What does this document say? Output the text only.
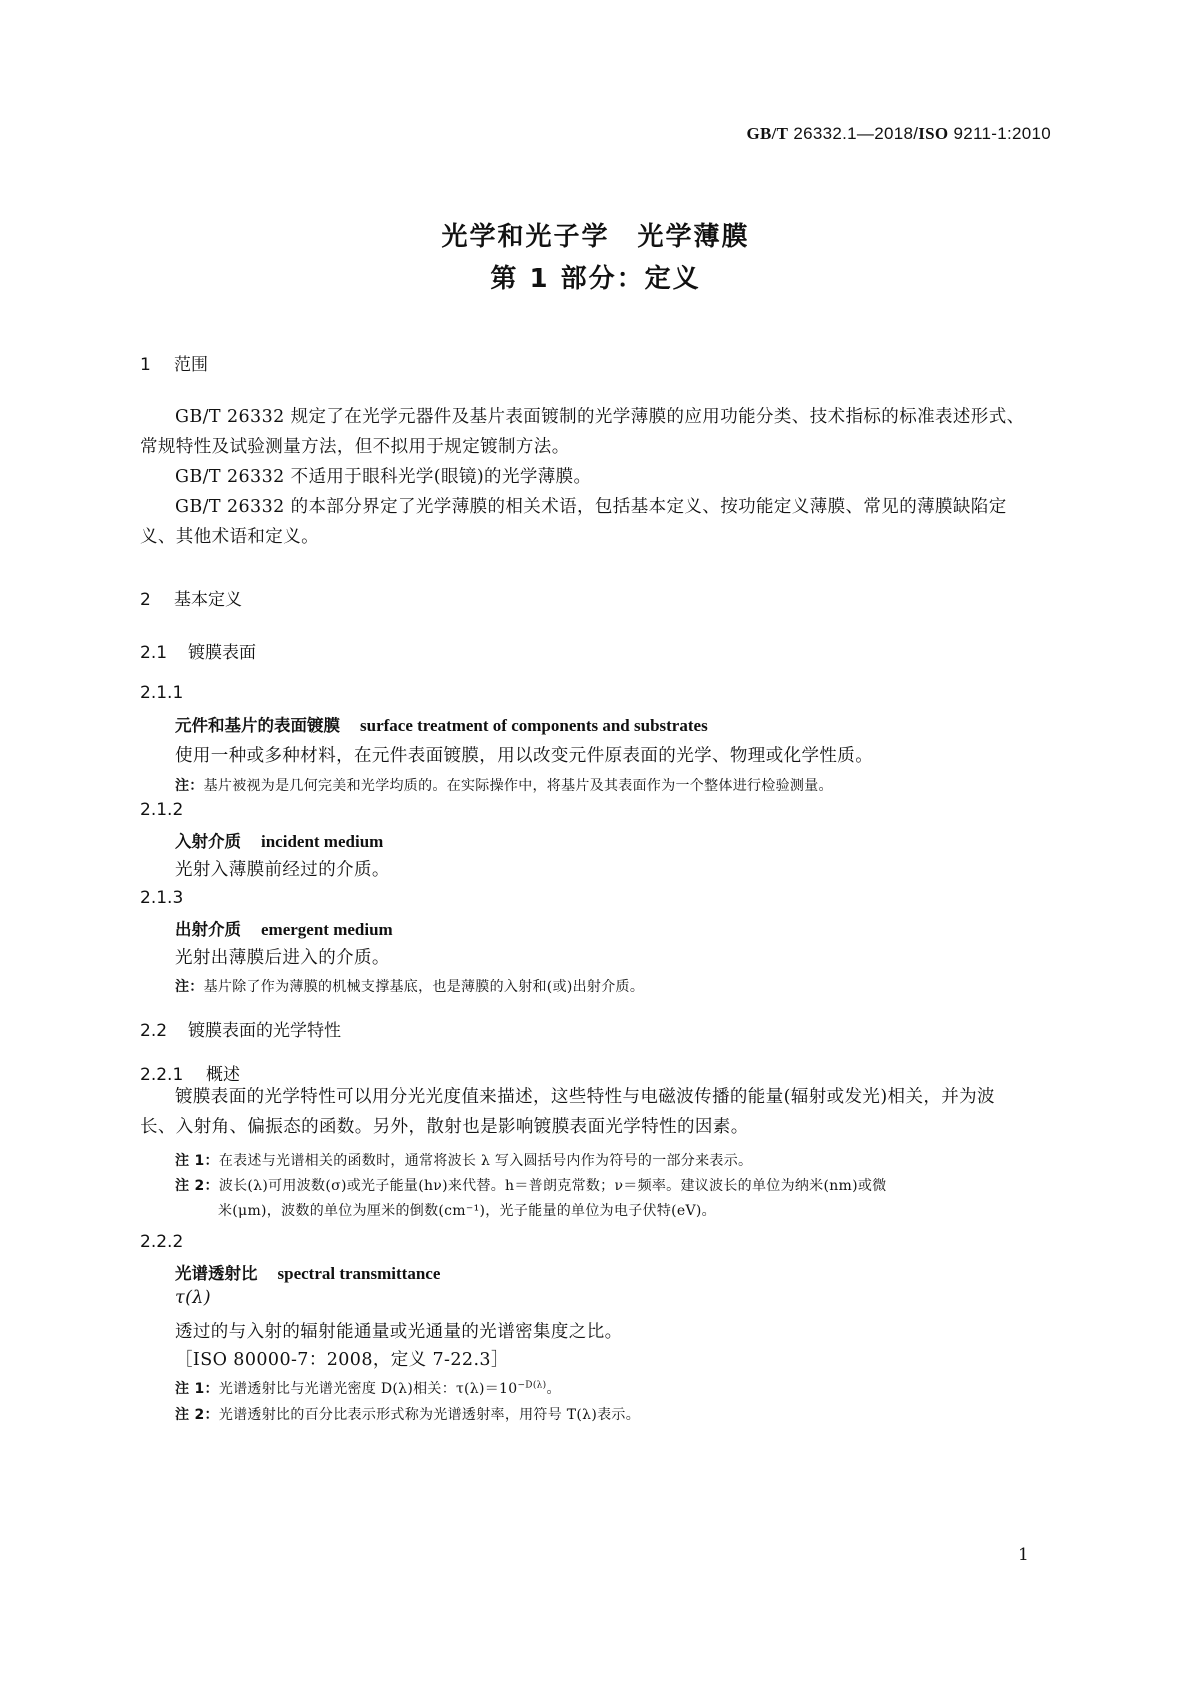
GB/T 26332.1—2018/ISO 9211-1:2010
光学和光子学　光学薄膜
第 1 部分：定义
1 范围
GB/T 26332 规定了在光学元器件及基片表面镀制的光学薄膜的应用功能分类、技术指标的标准表述形式、常规特性及试验测量方法，但不拟用于规定镀制方法。
GB/T 26332 不适用于眼科光学(眼镜)的光学薄膜。
GB/T 26332 的本部分界定了光学薄膜的相关术语，包括基本定义、按功能定义薄膜、常见的薄膜缺陷定义、其他术语和定义。
2 基本定义
2.1 镀膜表面
2.1.1
元件和基片的表面镀膜 surface treatment of components and substrates
使用一种或多种材料，在元件表面镀膜，用以改变元件原表面的光学、物理或化学性质。
注：基片被视为是几何完美和光学均质的。在实际操作中，将基片及其表面作为一个整体进行检验测量。
2.1.2
入射介质 incident medium
光射入薄膜前经过的介质。
2.1.3
出射介质 emergent medium
光射出薄膜后进入的介质。
注：基片除了作为薄膜的机械支撑基底，也是薄膜的入射和(或)出射介质。
2.2 镀膜表面的光学特性
2.2.1 概述
镀膜表面的光学特性可以用分光光度值来描述，这些特性与电磁波传播的能量(辐射或发光)相关，并为波长、入射角、偏振态的函数。另外，散射也是影响镀膜表面光学特性的因素。
注 1：在表述与光谱相关的函数时，通常将波长 λ 写入圆括号内作为符号的一部分来表示。
注 2：波长(λ)可用波数(σ)或光子能量(hν)来代替。h＝普朗克常数；ν＝频率。建议波长的单位为纳米(nm)或微
米(μm)，波数的单位为厘米的倒数(cm⁻¹)，光子能量的单位为电子伏特(eV)。
2.2.2
光谱透射比 spectral transmittance
τ(λ)
透过的与入射的辐射能通量或光通量的光谱密集度之比。
［ISO 80000-7：2008，定义 7-22.3］
注 1：光谱透射比与光谱光密度 D(λ)相关：$\tau(\lambda)=10^{-D(\lambda)}$。
注 2：光谱透射比的百分比表示形式称为光谱透射率，用符号 T(λ)表示。
1
